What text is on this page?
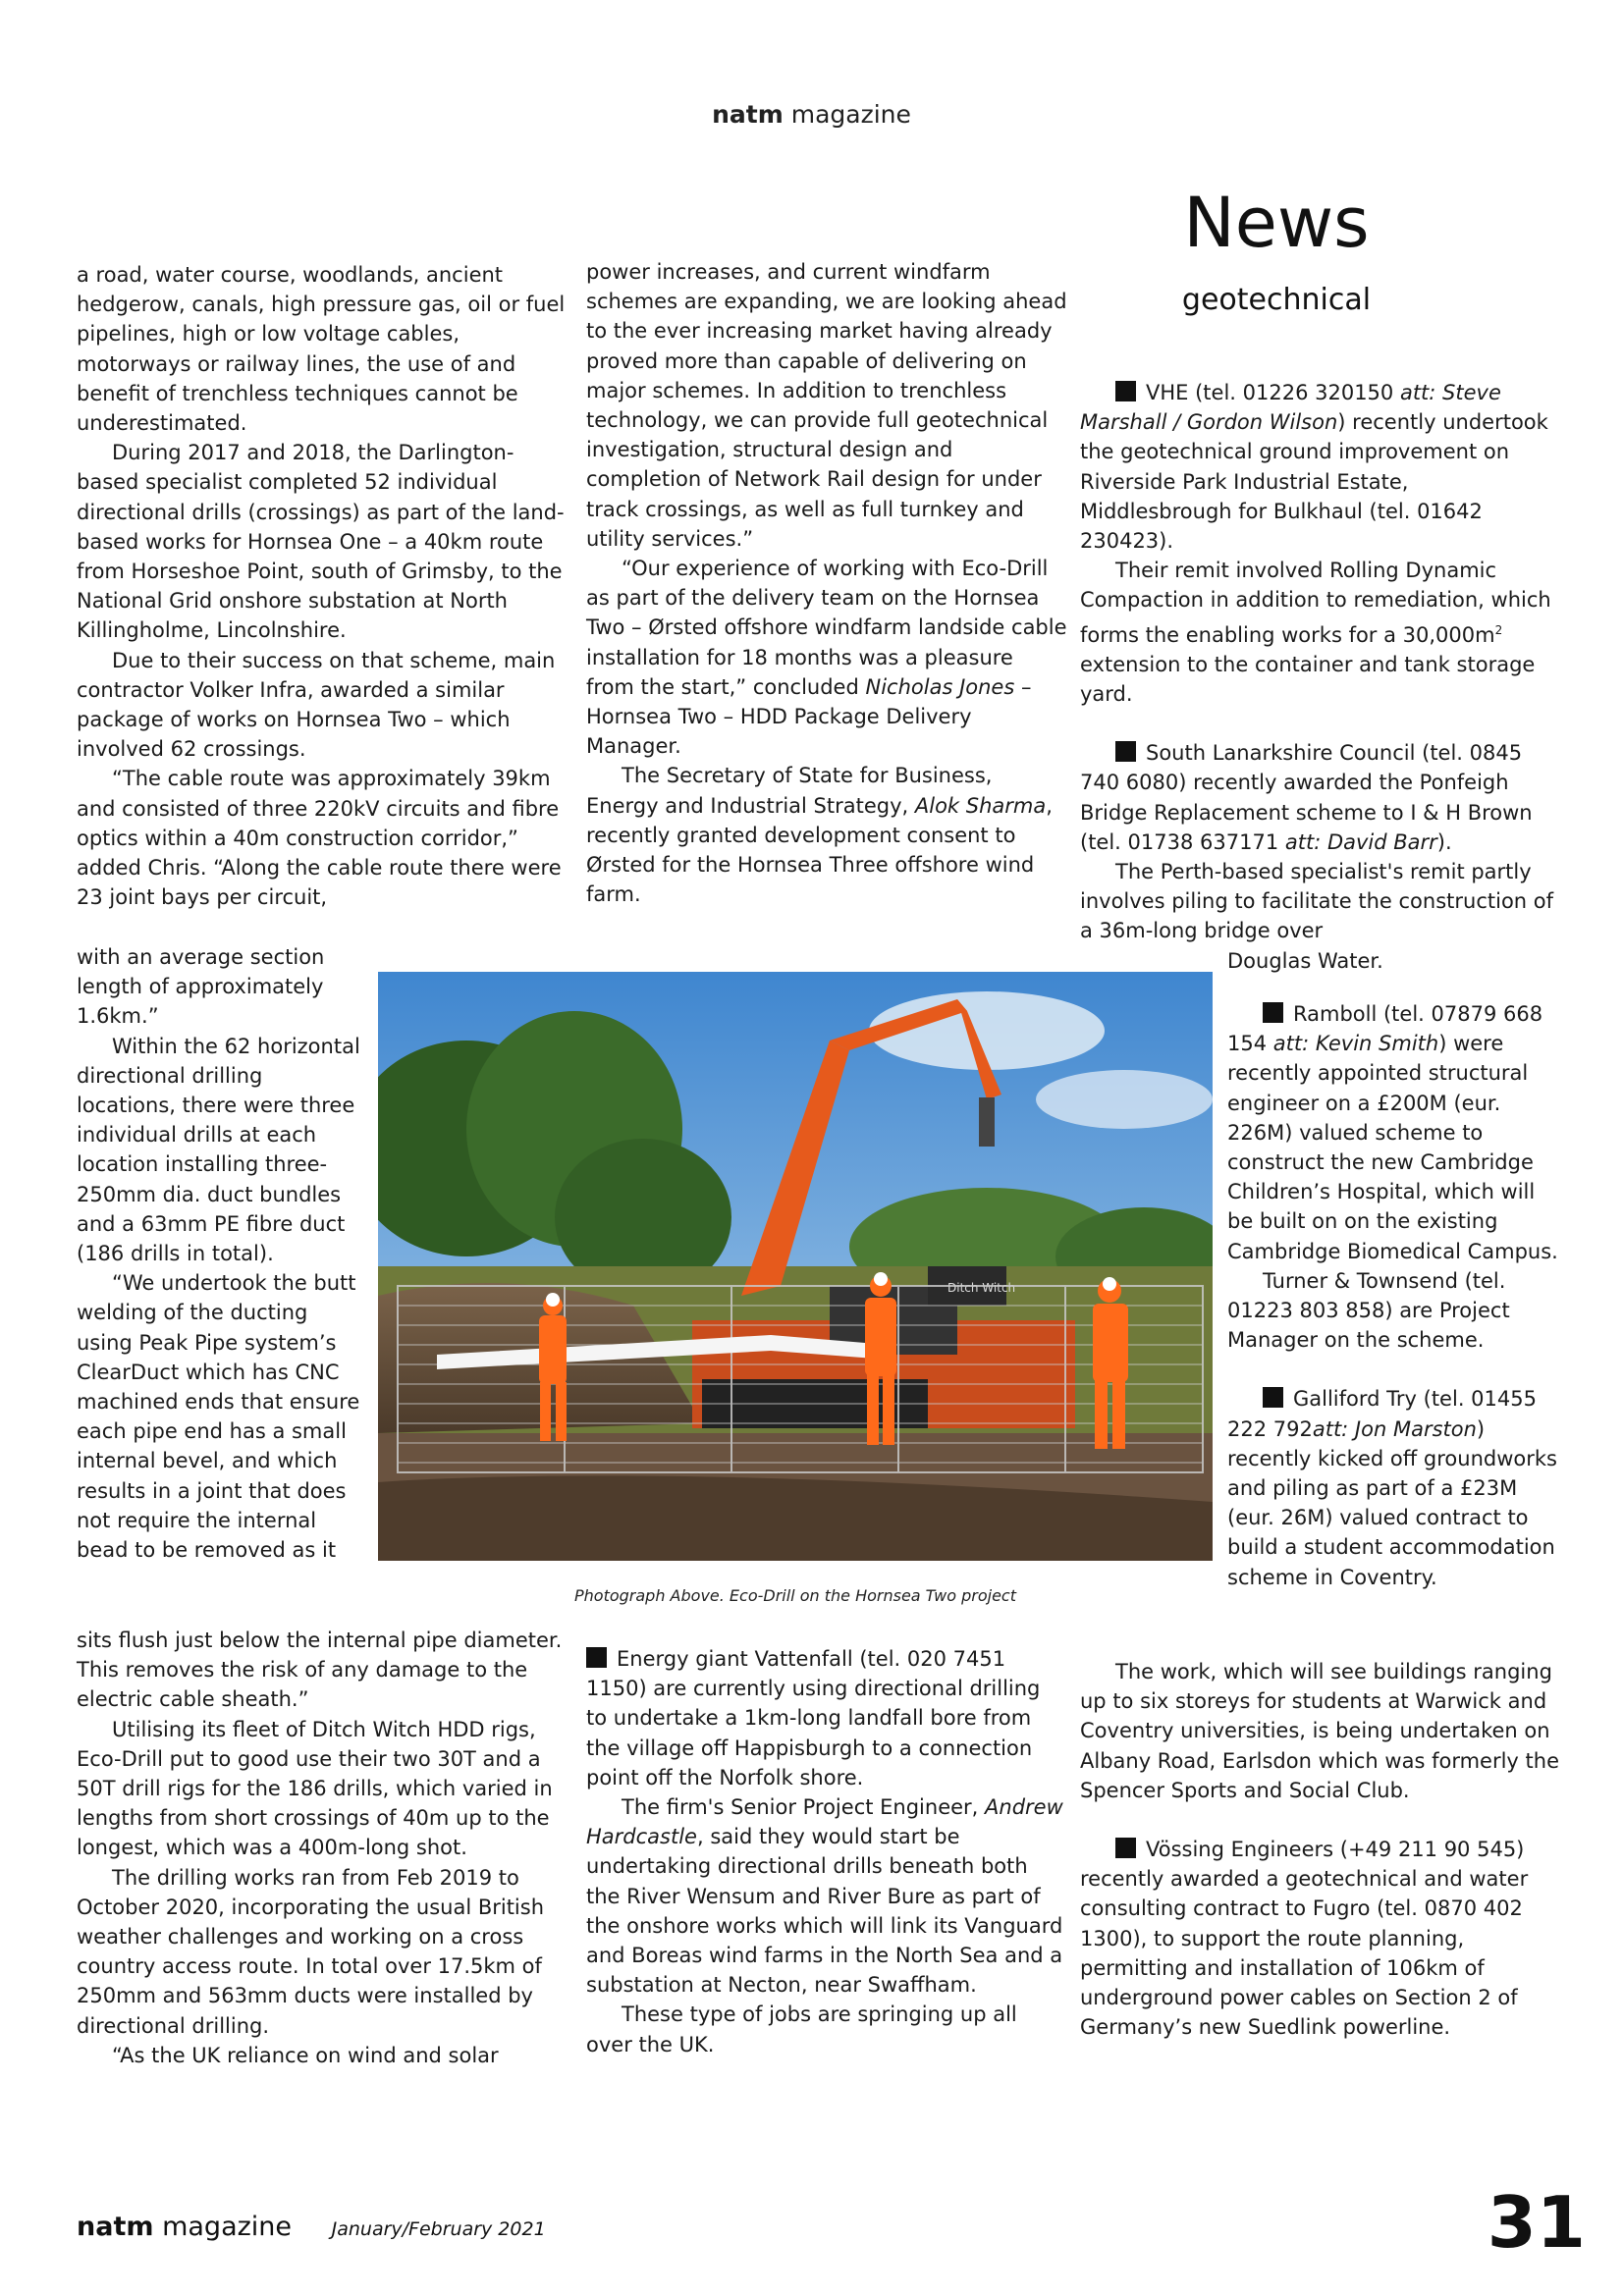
natm magazine
News
geotechnical

a road, water course, woodlands, ancient hedgerow, canals, high pressure gas, oil or fuel pipelines, high or low voltage cables, motorways or railway lines, the use of and benefit of trenchless techniques cannot be underestimated.

During 2017 and 2018, the Darlington-based specialist completed 52 individual directional drills (crossings) as part of the land-based works for Hornsea One – a 40km route from Horseshoe Point, south of Grimsby, to the National Grid onshore substation at North Killingholme, Lincolnshire.

Due to their success on that scheme, main contractor Volker Infra, awarded a similar package of works on Hornsea Two – which involved 62 crossings.

“The cable route was approximately 39km and consisted of three 220kV circuits and fibre optics within a 40m construction corridor,” added Chris. “Along the cable route there were 23 joint bays per circuit,

with an average section length of approximately 1.6km.”

Within the 62 horizontal directional drilling locations, there were three individual drills at each location installing three-250mm dia. duct bundles and a 63mm PE fibre duct (186 drills in total).

“We undertook the butt welding of the ducting using Peak Pipe system’s ClearDuct which has CNC machined ends that ensure each pipe end has a small internal bevel, and which results in a joint that does not require the internal bead to be removed as it

sits flush just below the internal pipe diameter. This removes the risk of any damage to the electric cable sheath.”

Utilising its fleet of Ditch Witch HDD rigs, Eco-Drill put to good use their two 30T and a 50T drill rigs for the 186 drills, which varied in lengths from short crossings of 40m up to the longest, which was a 400m-long shot.

The drilling works ran from Feb 2019 to October 2020, incorporating the usual British weather challenges and working on a cross country access route. In total over 17.5km of 250mm and 563mm ducts were installed by directional drilling.

“As the UK reliance on wind and solar

power increases, and current windfarm schemes are expanding, we are looking ahead to the ever increasing market having already proved more than capable of delivering on major schemes. In addition to trenchless technology, we can provide full geotechnical investigation, structural design and completion of Network Rail design for under track crossings, as well as full turnkey and utility services.”

“Our experience of working with Eco-Drill as part of the delivery team on the Hornsea Two – Ørsted offshore windfarm landside cable installation for 18 months was a pleasure from the start,” concluded Nicholas Jones – Hornsea Two – HDD Package Delivery Manager.

The Secretary of State for Business, Energy and Industrial Strategy, Alok Sharma, recently granted development consent to Ørsted for the Hornsea Three offshore wind farm.

Energy giant Vattenfall (tel. 020 7451 1150) are currently using directional drilling to undertake a 1km-long landfall bore from the village off Happisburgh to a connection point off the Norfolk shore.

The firm's Senior Project Engineer, Andrew Hardcastle, said they would start be undertaking directional drills beneath both the River Wensum and River Bure as part of the onshore works which will link its Vanguard and Boreas wind farms in the North Sea and a substation at Necton, near Swaffham.

These type of jobs are springing up all over the UK.

VHE (tel. 01226 320150 att: Steve Marshall / Gordon Wilson) recently undertook the geotechnical ground improvement on Riverside Park Industrial Estate, Middlesbrough for Bulkhaul (tel. 01642 230423).

Their remit involved Rolling Dynamic Compaction in addition to remediation, which forms the enabling works for a $30,000m^2$ extension to the container and tank storage yard.

South Lanarkshire Council (tel. 0845 740 6080) recently awarded the Ponfeigh Bridge Replacement scheme to I & H Brown (tel. 01738 637171 att: David Barr).

The Perth-based specialist's remit partly involves piling to facilitate the construction of a 36m-long bridge over

Douglas Water.

Ramboll (tel. 07879 668 154 att: Kevin Smith) were recently appointed structural engineer on a £200M (eur. 226M) valued scheme to construct the new Cambridge Children’s Hospital, which will be built on on the existing Cambridge Biomedical Campus.

Turner & Townsend (tel. 01223 803 858) are Project Manager on the scheme.

Galliford Try (tel. 01455 222 792att: Jon Marston) recently kicked off groundworks and piling as part of a £23M (eur. 26M) valued contract to build a student accommodation scheme in Coventry.

The work, which will see buildings ranging up to six storeys for students at Warwick and Coventry universities, is being undertaken on Albany Road, Earlsdon which was formerly the Spencer Sports and Social Club.

Vössing Engineers (+49 211 90 545) recently awarded a geotechnical and water consulting contract to Fugro (tel. 0870 402 1300), to support the route planning, permitting and installation of 106km of underground power cables on Section 2 of Germany’s new Suedlink powerline.

Ditch Witch
Photograph Above. Eco-Drill on the Hornsea Two project
natm magazine January/February 2021	31
